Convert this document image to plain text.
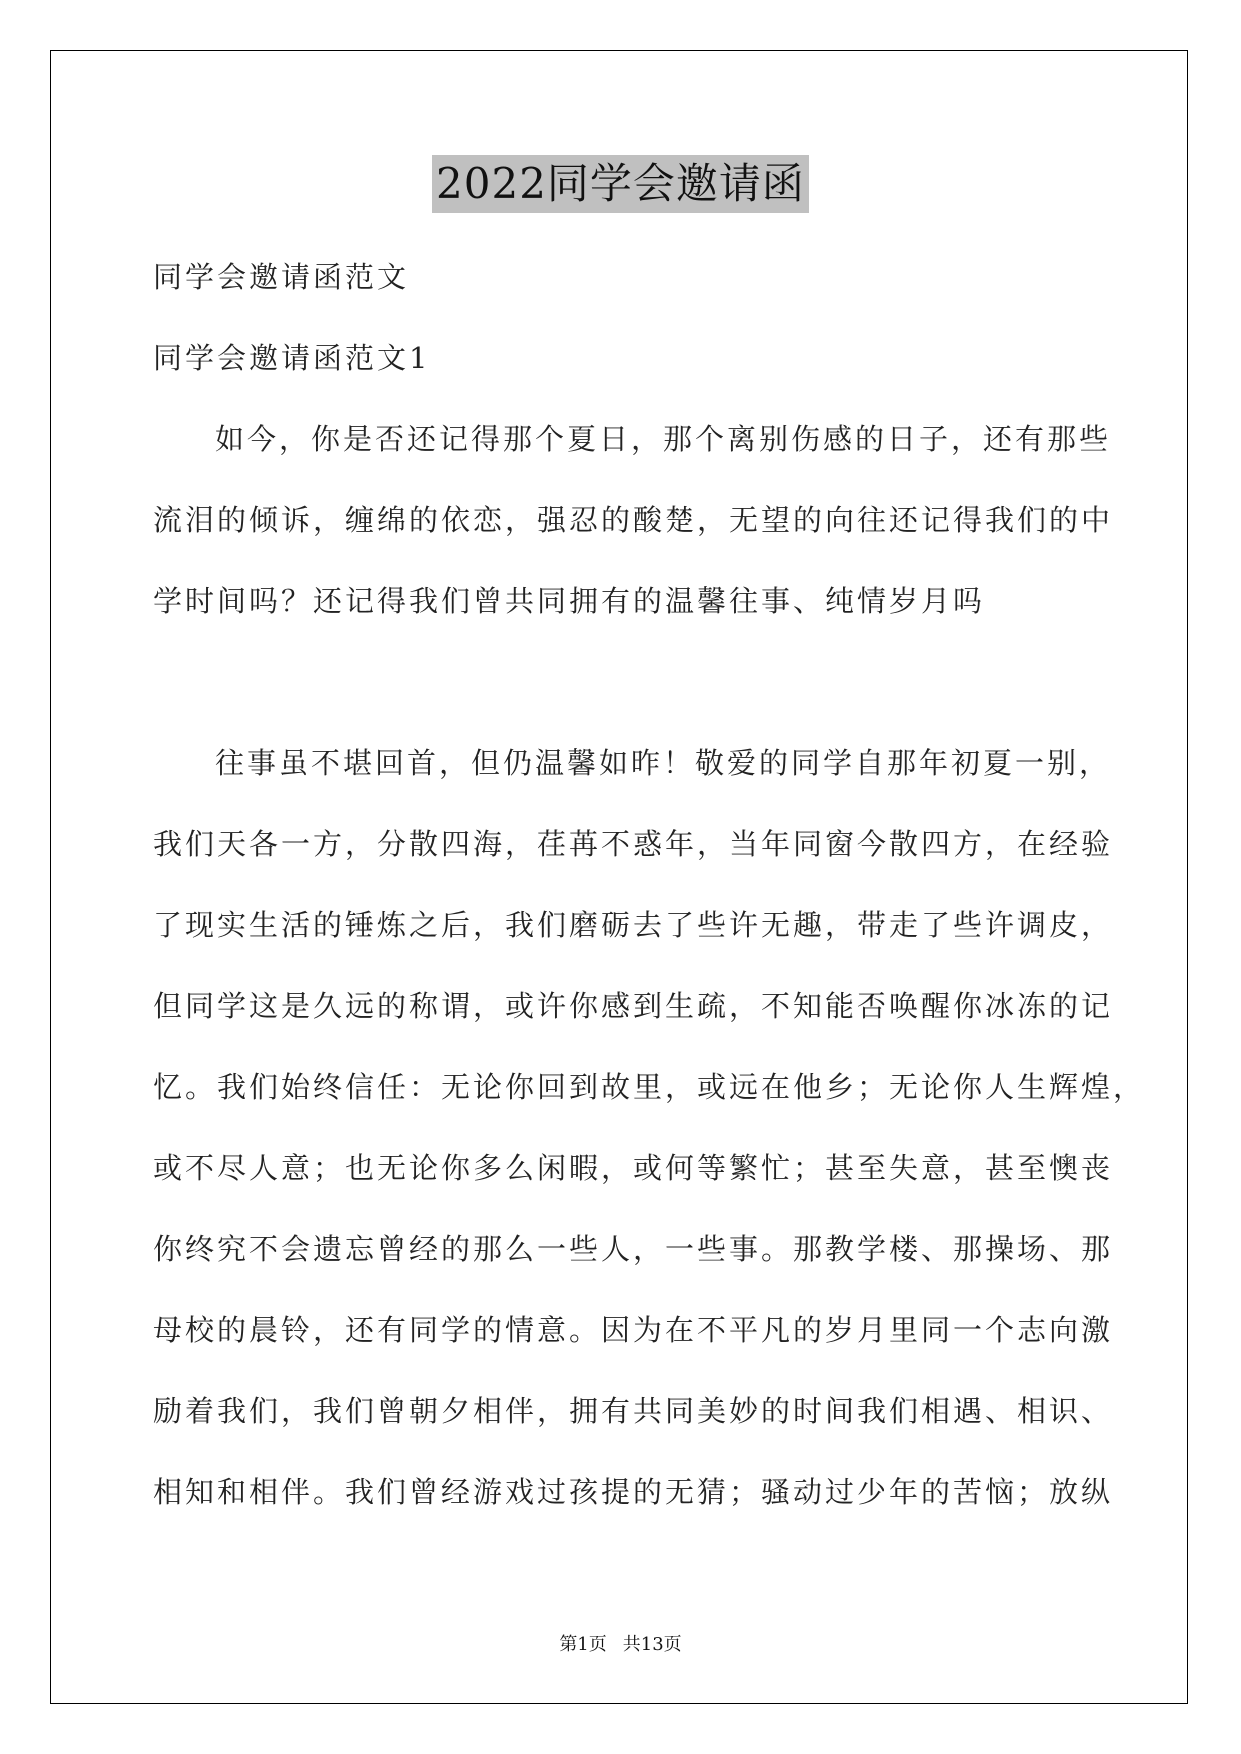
2022同学会邀请函
同学会邀请函范文
同学会邀请函范文1
如今，你是否还记得那个夏日，那个离别伤感的日子，还有那些
流泪的倾诉，缠绵的依恋，强忍的酸楚，无望的向往还记得我们的中
学时间吗？还记得我们曾共同拥有的温馨往事、纯情岁月吗
往事虽不堪回首，但仍温馨如昨！敬爱的同学自那年初夏一别，
我们天各一方，分散四海，荏苒不惑年，当年同窗今散四方，在经验
了现实生活的锤炼之后，我们磨砺去了些许无趣，带走了些许调皮，
但同学这是久远的称谓，或许你感到生疏，不知能否唤醒你冰冻的记
忆。我们始终信任：无论你回到故里，或远在他乡；无论你人生辉煌，
或不尽人意；也无论你多么闲暇，或何等繁忙；甚至失意，甚至懊丧
你终究不会遗忘曾经的那么一些人，一些事。那教学楼、那操场、那
母校的晨铃，还有同学的情意。因为在不平凡的岁月里同一个志向激
励着我们，我们曾朝夕相伴，拥有共同美妙的时间我们相遇、相识、
相知和相伴。我们曾经游戏过孩提的无猜；骚动过少年的苦恼；放纵
第1页 共13页
